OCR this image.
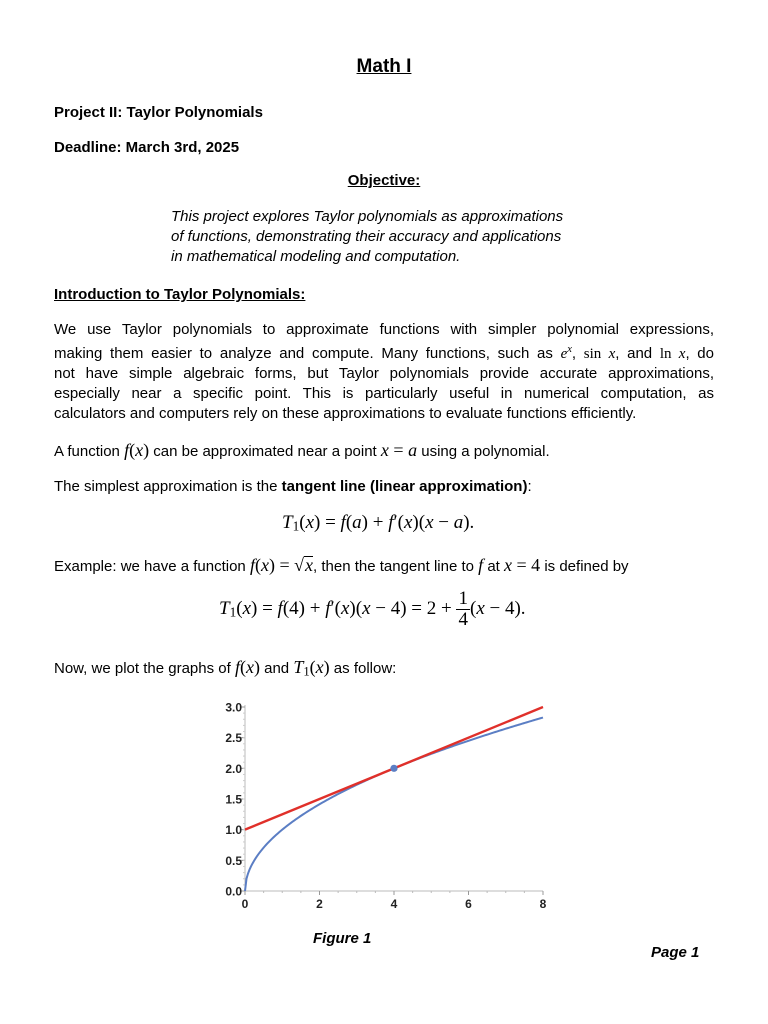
Math I
Project II: Taylor Polynomials
Deadline: March 3rd, 2025
Objective:
This project explores Taylor polynomials as approximations
of functions, demonstrating their accuracy and applications
in mathematical modeling and computation.
Introduction to Taylor Polynomials:
We use Taylor polynomials to approximate functions with simpler polynomial expressions,
making them easier to analyze and compute. Many functions, such as $e^x$, sin x, and ln x, do
not have simple algebraic forms, but Taylor polynomials provide accurate approximations,
especially near a specific point. This is particularly useful in numerical computation, as
calculators and computers rely on these approximations to evaluate functions efficiently.
A function f(x) can be approximated near a point x = a using a polynomial.
The simplest approximation is the tangent line (linear approximation):
$T_1(x) = f(a) + f'(x)(x - a)$.
Example: we have a function f(x) = √x, then the tangent line to f at x = 4 is defined by
$T_1(x) = f(4) + f'(x)(x - 4) = 2 + \frac{1}{4} (x - 4)$.
Now, we plot the graphs of f(x) and $T_1(x)$ as follow:
0	2	4	6	8
0.0
0.5
1.0
1.5
2.0
2.5
3.0
Figure 1
Page 1
